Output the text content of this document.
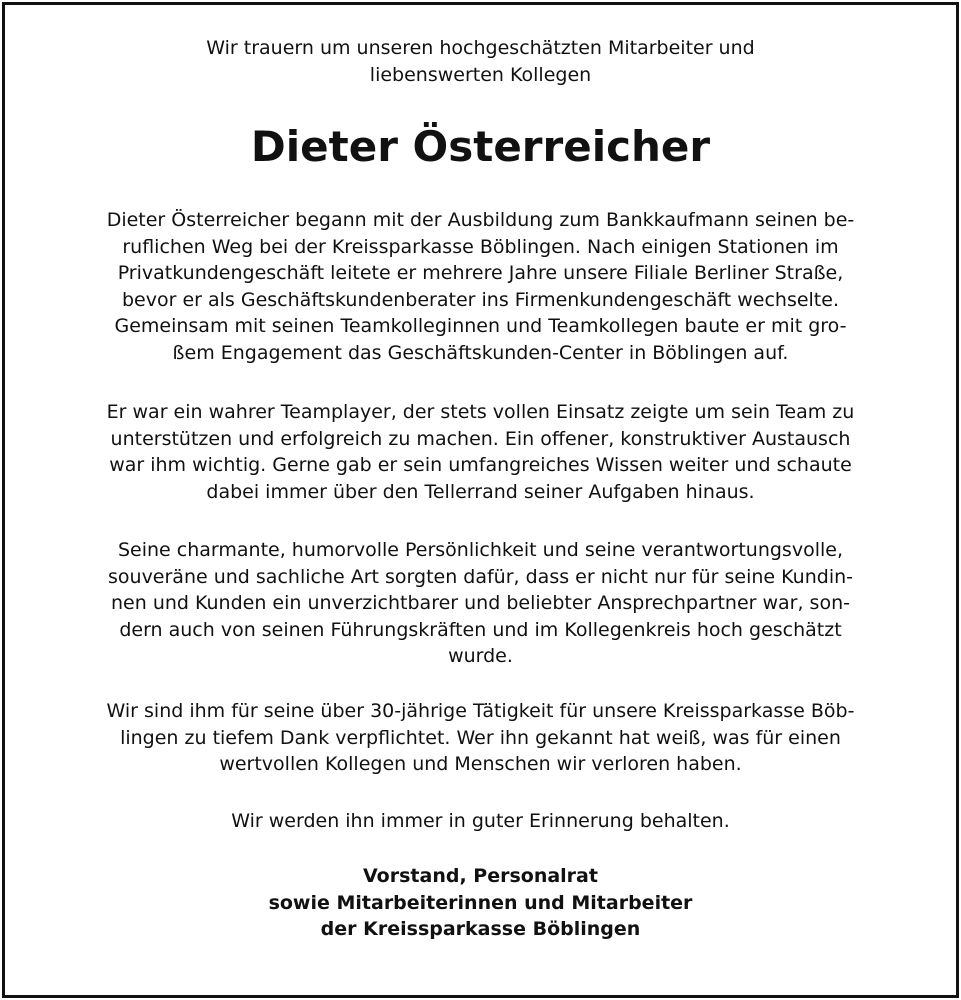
Wir trauern um unseren hochgeschätzten Mitarbeiter und
liebenswerten Kollegen
Dieter Österreicher

Dieter Österreicher begann mit der Ausbildung zum Bankkaufmann seinen be-
ruflichen Weg bei der Kreissparkasse Böblingen. Nach einigen Stationen im
Privatkundengeschäft leitete er mehrere Jahre unsere Filiale Berliner Straße,
bevor er als Geschäftskundenberater ins Firmenkundengeschäft wechselte.
Gemeinsam mit seinen Teamkolleginnen und Teamkollegen baute er mit gro-
ßem Engagement das Geschäftskunden-Center in Böblingen auf.

Er war ein wahrer Teamplayer, der stets vollen Einsatz zeigte um sein Team zu
unterstützen und erfolgreich zu machen. Ein offener, konstruktiver Austausch
war ihm wichtig. Gerne gab er sein umfangreiches Wissen weiter und schaute
dabei immer über den Tellerrand seiner Aufgaben hinaus.

Seine charmante, humorvolle Persönlichkeit und seine verantwortungsvolle,
souveräne und sachliche Art sorgten dafür, dass er nicht nur für seine Kundin-
nen und Kunden ein unverzichtbarer und beliebter Ansprechpartner war, son-
dern auch von seinen Führungskräften und im Kollegenkreis hoch geschätzt
wurde.

Wir sind ihm für seine über 30-jährige Tätigkeit für unsere Kreissparkasse Böb-
lingen zu tiefem Dank verpflichtet. Wer ihn gekannt hat weiß, was für einen
wertvollen Kollegen und Menschen wir verloren haben.

Wir werden ihn immer in guter Erinnerung behalten.

Vorstand, Personalrat
sowie Mitarbeiterinnen und Mitarbeiter
der Kreissparkasse Böblingen
